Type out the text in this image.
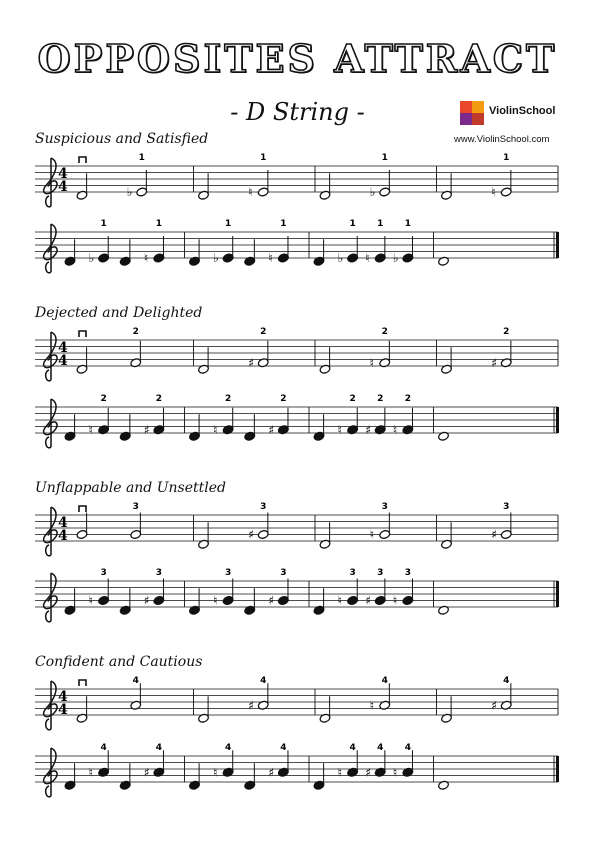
OPPOSITES ATTRACT
- D String -	ViolinSchool
www.ViolinSchool.com
Suspicious and Satisfied
Dejected and Delighted
Unflappable and Unsettled
Confident and Cautious
4
4	♭
1
♮
1
♭
1
♮
1
♭
1
♮
1
♭
1
♮
1
♭
1
♮
1
♭
1
4
4
2
♯
2
♮
2
♯
2
♮
2
♯
2
♮
2
♯
2
♮
2
♯
2
♮
2
4
4
3
♯
3
♮
3
♯
3
♮
3
♯
3
♮
3
♯
3
♮
3
♯
3
♮
3
4
4
4
♯
4
♮
4
♯
4
♮
4
♯
4
♮
4
♯
4
♮
4
♯
4
♮
4
